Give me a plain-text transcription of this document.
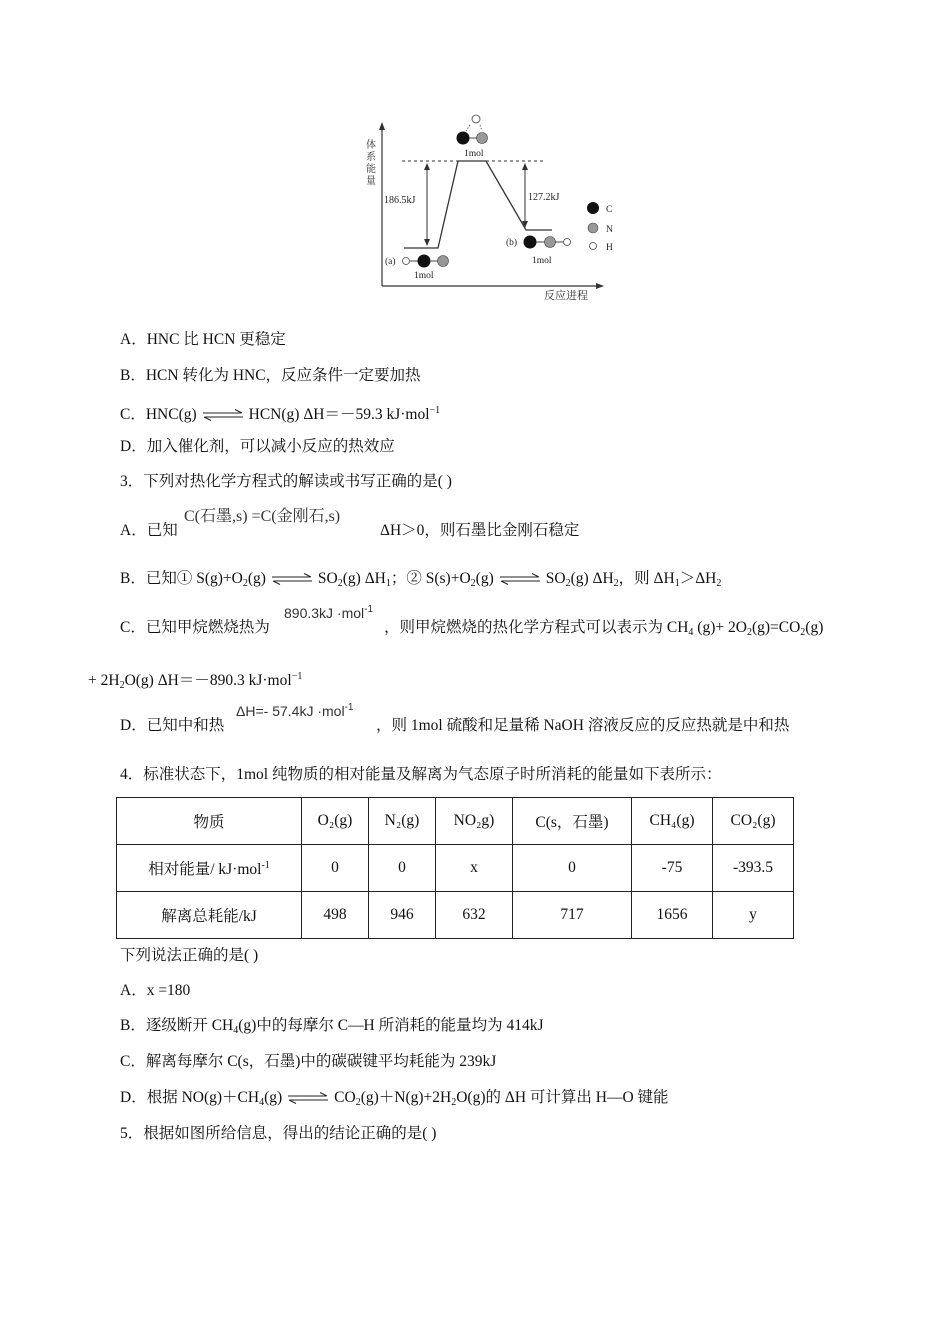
体
系
能
量
反应进程
186.5kJ	127.2kJ
1mol
(a)
1mol
(b)
1mol
C
N
H
A．HNC 比 HCN 更稳定
B．HCN 转化为 HNC，反应条件一定要加热
C．HNC(g) ⇌ HCN(g) ΔH＝－59.3 kJ·mol$^{-1}$
D．加入催化剂，可以减小反应的热效应
3．下列对热化学方程式的解读或书写正确的是( )
A．已知
C(石墨,s) =C(金刚石,s)
ΔH＞0，则石墨比金刚石稳定
B．已知① $S(g)+O_2(g)$ ⇌ $SO_2(g)$ $\Delta H_1$；② $S(s)+O_2(g)$ ⇌ $SO_2(g)$ $\Delta H_2$，则 $\Delta H_1>\Delta H_2$
C．已知甲烷燃烧热为
890.3kJ ·mol$^{-1}$
，则甲烷燃烧的热化学方程式可以表示为 $CH_4$ $(g)+ 2O_2(g)=CO_2(g)$
+ $2H_2O(g)$ ΔH＝－890.3 kJ·mol$^{-1}$
D．已知中和热
ΔH=- 57.4kJ ·mol$^{-1}$
，则 1mol 硫酸和足量稀 NaOH 溶液反应的反应热就是中和热
4．标准状态下，1mol 纯物质的相对能量及解离为气态原子时所消耗的能量如下表所示：
物质	O₂(g)	N₂(g)	NO₂g)	C(s，石墨)	CH₄(g)	CO₂(g)
相对能量/ kJ·mol$^{-1}$	0	0	x	0	-75	-393.5
解离总耗能/kJ	498	946	632	717	1656	y
下列说法正确的是( )
A．x =180
B．逐级断开 $CH_4(g)$中的每摩尔 C—H 所消耗的能量均为 414kJ
C．解离每摩尔 C(s，石墨)中的碳碳键平均耗能为 239kJ
D．根据 $NO(g)+CH_4(g)$ ⇌ $CO_2(g)+N(g)+2H_2O(g)$的 ΔH 可计算出 H—O 键能
5．根据如图所给信息，得出的结论正确的是( )
